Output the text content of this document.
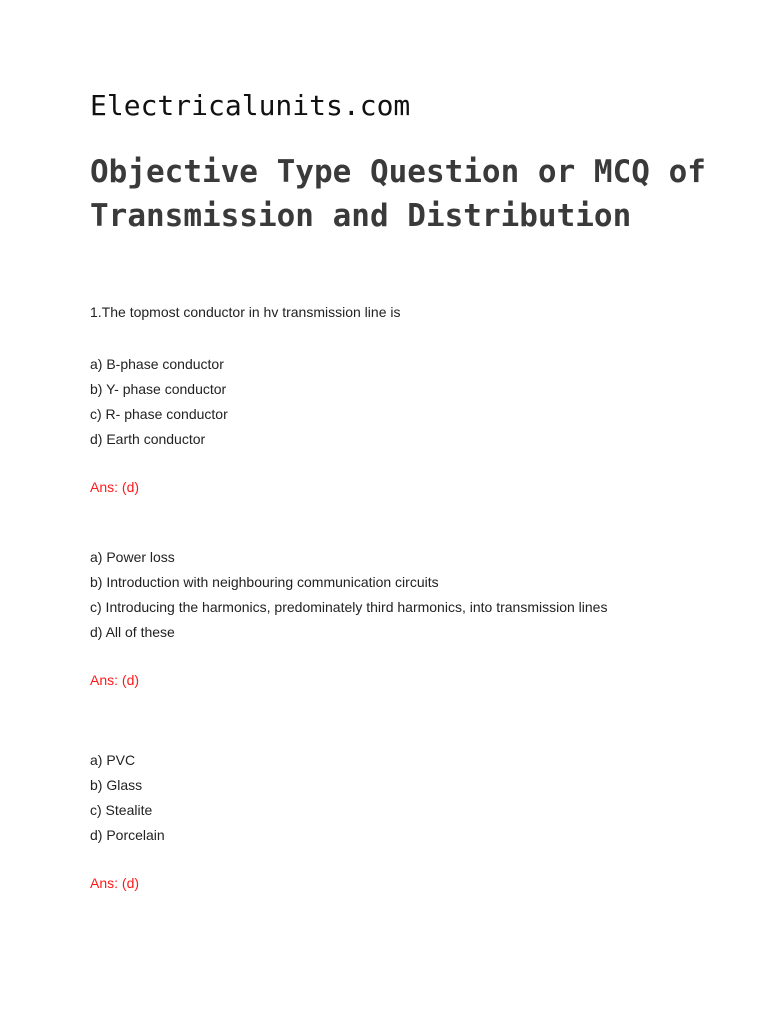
Electricalunits.com
Objective Type Question or MCQ of Transmission and Distribution

1.The topmost conductor in hv transmission line is

a) B-phase conductor

b) Y- phase conductor

c) R- phase conductor

d) Earth conductor

Ans: (d)

a) Power loss

b) Introduction with neighbouring communication circuits

c) Introducing the harmonics, predominately third harmonics, into transmission lines

d) All of these

Ans: (d)

a) PVC

b) Glass

c) Stealite

d) Porcelain

Ans: (d)
